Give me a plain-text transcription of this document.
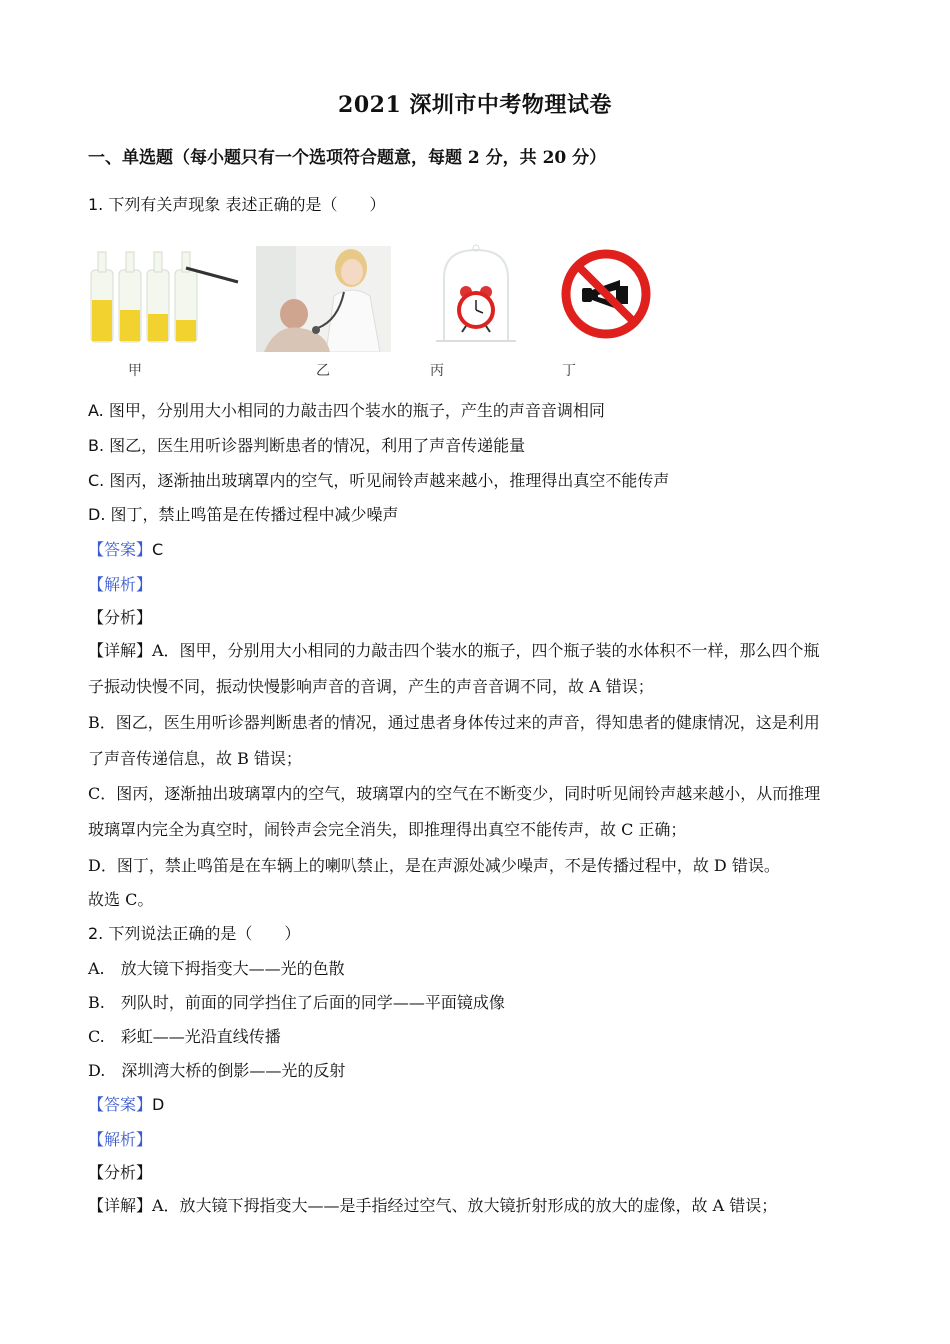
2021 深圳市中考物理试卷
一、单选题（每小题只有一个选项符合题意，每题 2 分，共 20 分）
1. 下列有关声现象 表述正确的是（　　）
甲	乙	丙	丁
A. 图甲，分别用大小相同的力敲击四个装水的瓶子，产生的声音音调相同
B. 图乙，医生用听诊器判断患者的情况，利用了声音传递能量
C. 图丙，逐渐抽出玻璃罩内的空气，听见闹铃声越来越小，推理得出真空不能传声
D. 图丁，禁止鸣笛是在传播过程中减少噪声
【答案】C
【解析】
【分析】
【详解】A．图甲，分别用大小相同的力敲击四个装水的瓶子，四个瓶子装的水体积不一样，那么四个瓶
子振动快慢不同，振动快慢影响声音的音调，产生的声音音调不同，故 A 错误；
B．图乙，医生用听诊器判断患者的情况，通过患者身体传过来的声音，得知患者的健康情况，这是利用
了声音传递信息，故 B 错误；
C．图丙，逐渐抽出玻璃罩内的空气，玻璃罩内的空气在不断变少，同时听见闹铃声越来越小，从而推理
玻璃罩内完全为真空时，闹铃声会完全消失，即推理得出真空不能传声，故 C 正确；
D．图丁，禁止鸣笛是在车辆上的喇叭禁止，是在声源处减少噪声，不是传播过程中，故 D 错误。
故选 C。
2. 下列说法正确的是（　　）
A.　放大镜下拇指变大——光的色散
B.　列队时，前面的同学挡住了后面的同学——平面镜成像
C.　彩虹——光沿直线传播
D.　深圳湾大桥的倒影——光的反射
【答案】D
【解析】
【分析】
【详解】A．放大镜下拇指变大——是手指经过空气、放大镜折射形成的放大的虚像，故 A 错误；
